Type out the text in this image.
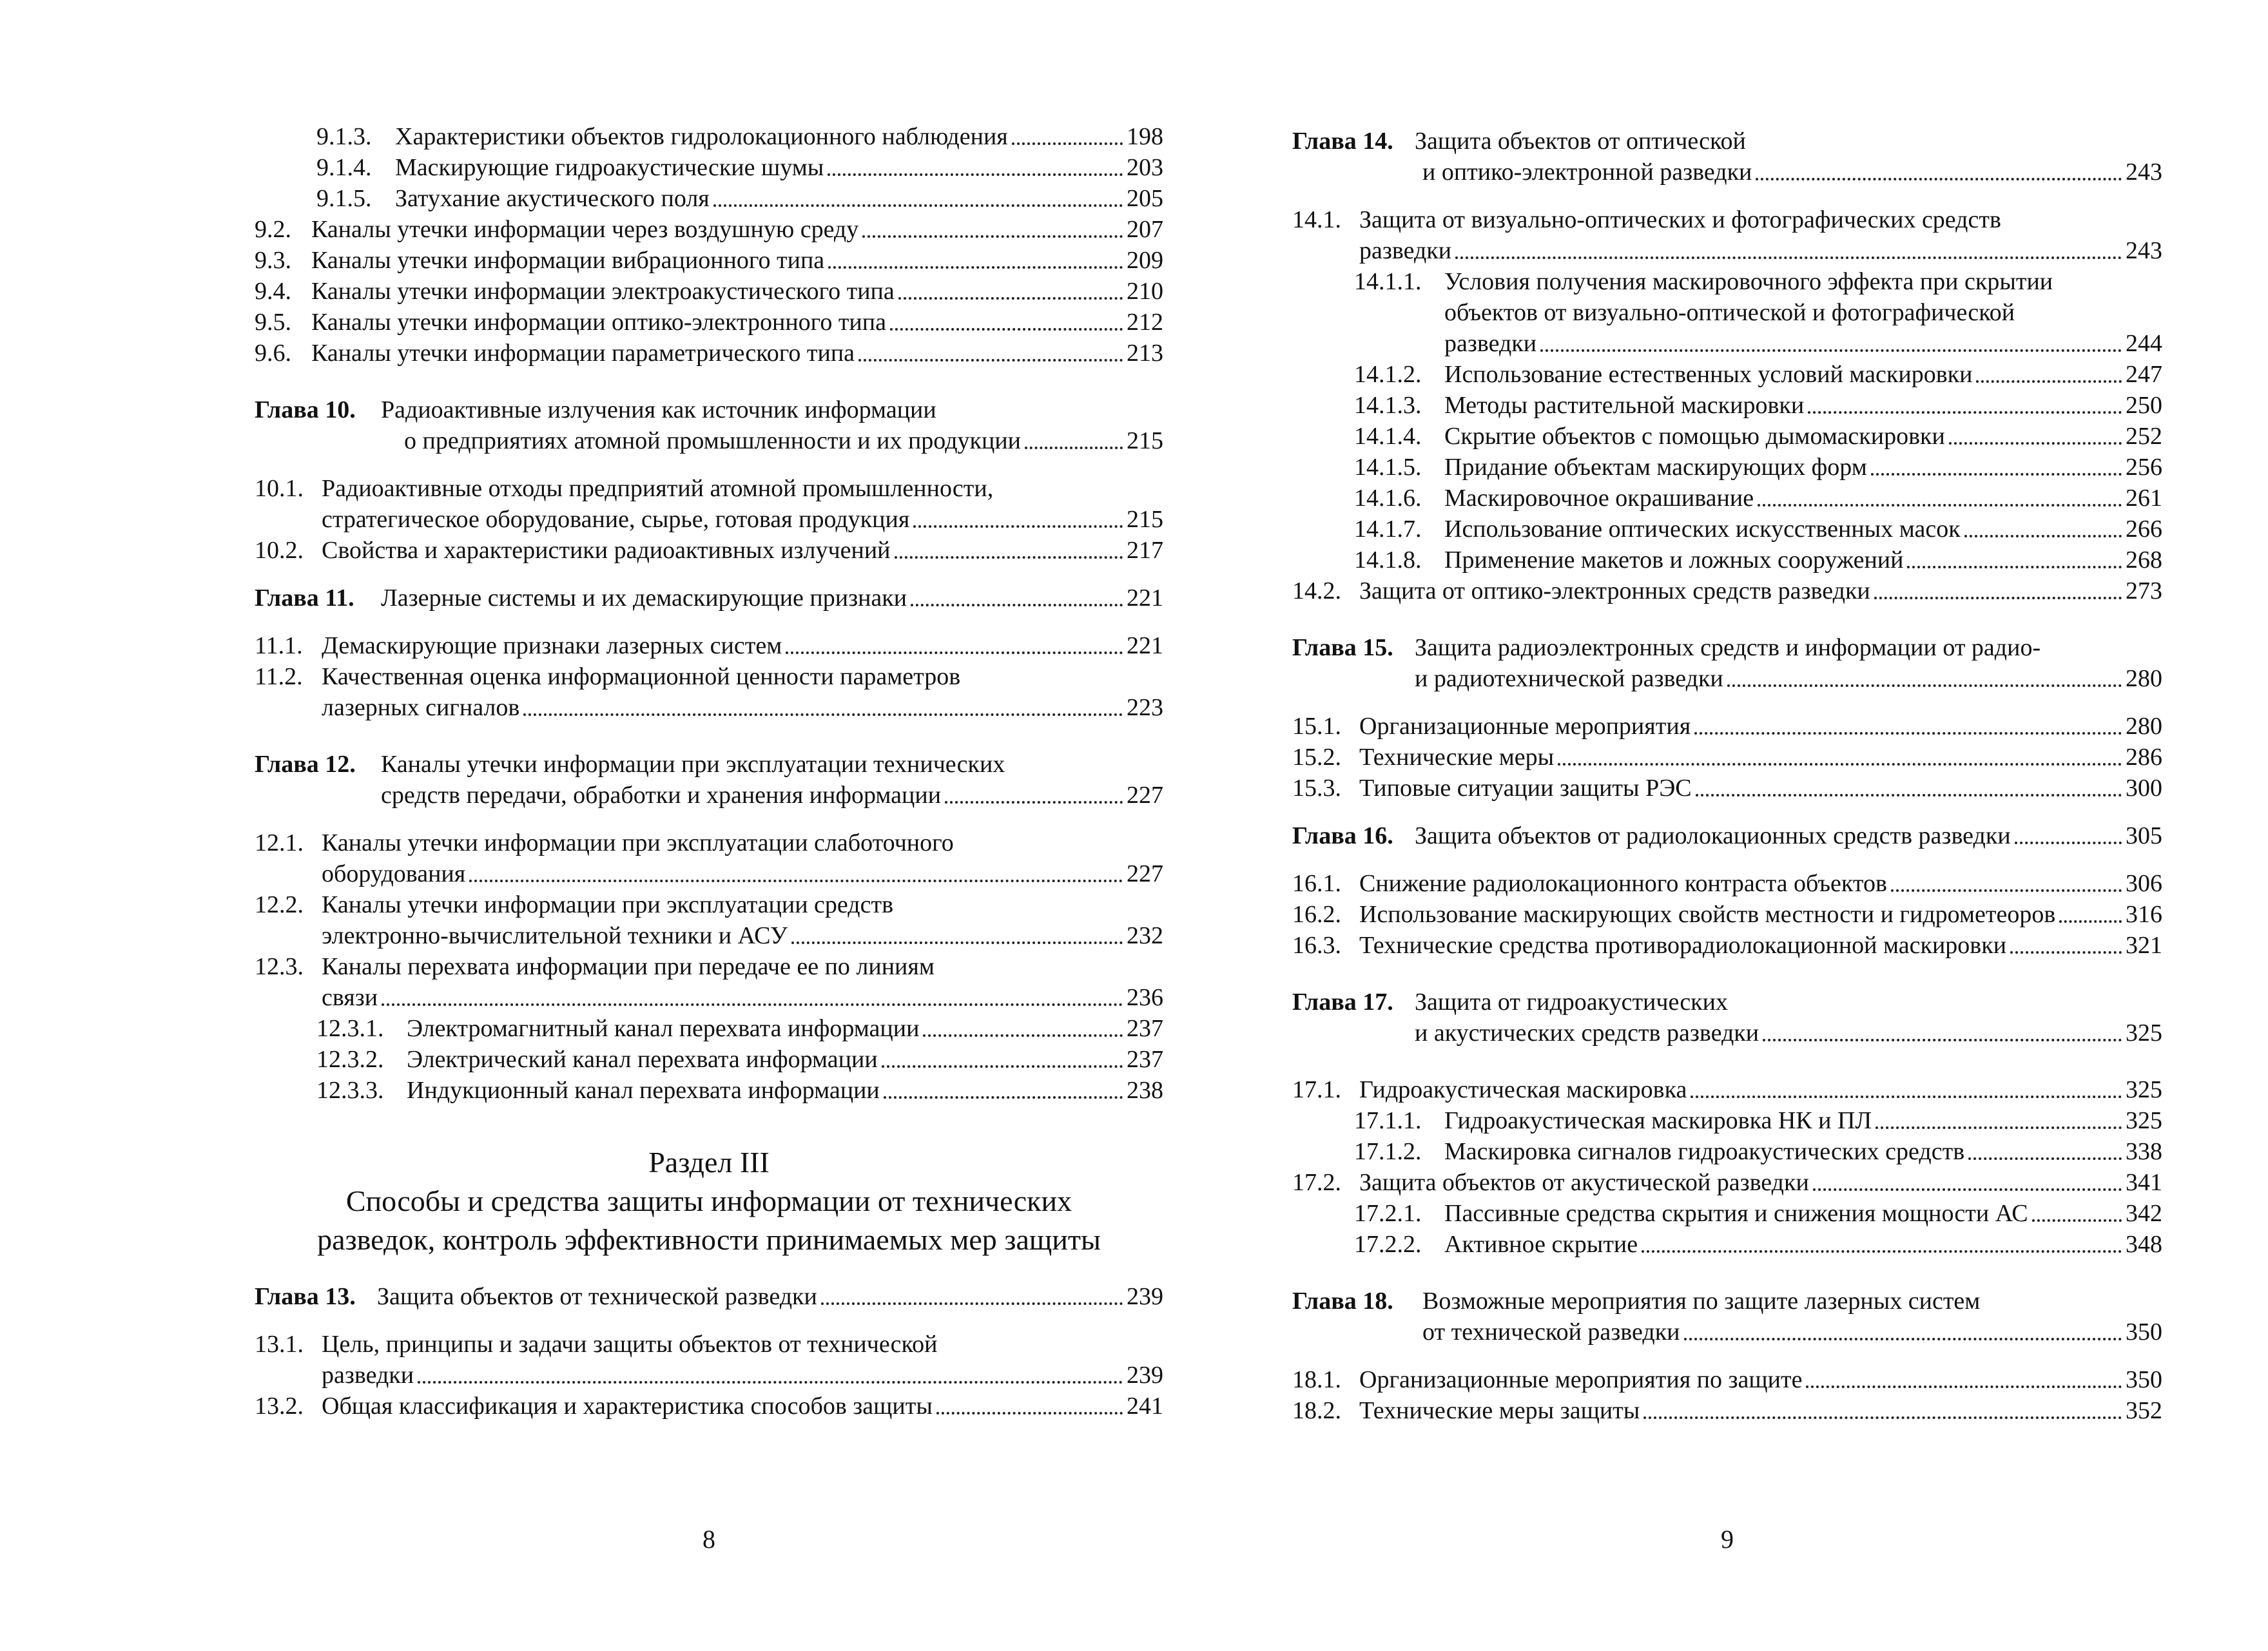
9.1.3. Характеристики объектов гидролокационного наблюдения	198
9.1.4. Маскирующие гидроакустические шумы	203
9.1.5. Затухание акустического поля	205
9.2. Каналы утечки информации через воздушную среду	207
9.3. Каналы утечки информации вибрационного типа	209
9.4. Каналы утечки информации электроакустического типа	210
9.5. Каналы утечки информации оптико-электронного типа	212
9.6. Каналы утечки информации параметрического типа	213
Глава 10.	Радиоактивные излучения как источник информации
о предприятиях атомной промышленности и их продукции	215
10.1. Радиоактивные отходы предприятий атомной промышленности,
стратегическое оборудование, сырье, готовая продукция	215
10.2. Свойства и характеристики радиоактивных излучений	217
Глава 11.	Лазерные системы и их демаскирующие признаки	221
11.1. Демаскирующие признаки лазерных систем	221
11.2. Качественная оценка информационной ценности параметров
лазерных сигналов	223
Глава 12.	Каналы утечки информации при эксплуатации технических
средств передачи, обработки и хранения информации	227
12.1. Каналы утечки информации при эксплуатации слаботочного
оборудования	227
12.2. Каналы утечки информации при эксплуатации средств
электронно-вычислительной техники и АСУ	232
12.3. Каналы перехвата информации при передаче ее по линиям
связи	236
12.3.1. Электромагнитный канал перехвата информации	237
12.3.2. Электрический канал перехвата информации	237
12.3.3. Индукционный канал перехвата информации	238
Раздел III
Способы и средства защиты информации от технических
разведок, контроль эффективности принимаемых мер защиты
Глава 13. Защита объектов от технической разведки	239
13.1. Цель, принципы и задачи защиты объектов от технической
разведки	239
13.2. Общая классификация и характеристика способов защиты	241
8
Глава 14. Защита объектов от оптической
и оптико-электронной разведки	243
14.1. Защита от визуально-оптических и фотографических средств
разведки	243
14.1.1. Условия получения маскировочного эффекта при скрытии
объектов от визуально-оптической и фотографической
разведки	244
14.1.2. Использование естественных условий маскировки	247
14.1.3. Методы растительной маскировки	250
14.1.4. Скрытие объектов с помощью дымомаскировки	252
14.1.5. Придание объектам маскирующих форм	256
14.1.6. Маскировочное окрашивание	261
14.1.7. Использование оптических искусственных масок	266
14.1.8. Применение макетов и ложных сооружений	268
14.2. Защита от оптико-электронных средств разведки	273
Глава 15. Защита радиоэлектронных средств и информации от радио-
и радиотехнической разведки	280
15.1. Организационные мероприятия	280
15.2. Технические меры	286
15.3. Типовые ситуации защиты РЭС	300
Глава 16. Защита объектов от радиолокационных средств разведки	305
16.1. Снижение радиолокационного контраста объектов	306
16.2. Использование маскирующих свойств местности и гидрометеоров	316
16.3. Технические средства противорадиолокационной маскировки	321
Глава 17. Защита от гидроакустических
и акустических средств разведки	325
17.1. Гидроакустическая маскировка	325
17.1.1. Гидроакустическая маскировка НК и ПЛ	325
17.1.2. Маскировка сигналов гидроакустических средств	338
17.2. Защита объектов от акустической разведки	341
17.2.1. Пассивные средства скрытия и снижения мощности АС	342
17.2.2. Активное скрытие	348
Глава 18.	Возможные мероприятия по защите лазерных систем
от технической разведки	350
18.1. Организационные мероприятия по защите	350
18.2. Технические меры защиты	352
9
